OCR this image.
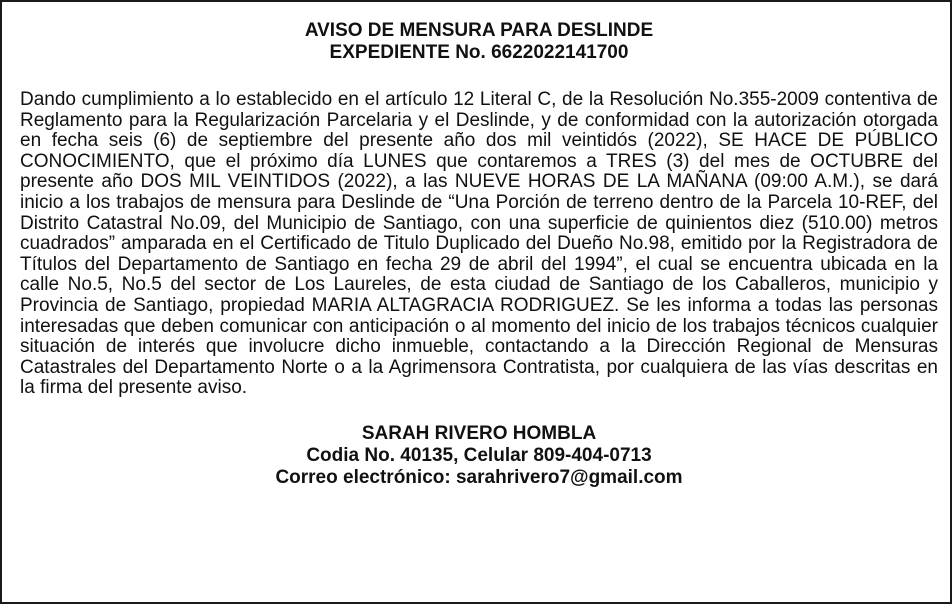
AVISO DE MENSURA PARA DESLINDE
EXPEDIENTE No. 6622022141700

Dando cumplimiento a lo establecido en el artículo 12 Literal C, de la Resolución No.355-2009 contentiva de Reglamento para la Regularización Parcelaria y el Deslinde, y de conformidad con la autorización otorgada en fecha seis (6) de septiembre del presente año dos mil veintidós (2022), SE HACE DE PÚBLICO CONOCIMIENTO, que el próximo día LUNES que contaremos a TRES (3) del mes de OCTUBRE del presente año DOS MIL VEINTIDOS (2022), a las NUEVE HORAS DE LA MAÑANA (09:00 A.M.), se dará inicio a los trabajos de mensura para Deslinde de “Una Porción de terreno dentro de la Parcela 10-REF, del Distrito Catastral No.09, del Municipio de Santiago, con una superficie de quinientos diez (510.00) metros cuadrados” amparada en el Certificado de Titulo Duplicado del Dueño No.98, emitido por la Registradora de Títulos del Departamento de Santiago en fecha 29 de abril del 1994”, el cual se encuentra ubicada en la calle No.5, No.5 del sector de Los Laureles, de esta ciudad de Santiago de los Caballeros, municipio y Provincia de Santiago, propiedad MARIA ALTAGRACIA RODRIGUEZ. Se les informa a todas las personas interesadas que deben comunicar con anticipación o al momento del inicio de los trabajos técnicos cualquier situación de interés que involucre dicho inmueble, contactando a la Dirección Regional de Mensuras Catastrales del Departamento Norte o a la Agrimensora Contratista, por cualquiera de las vías descritas en la firma del presente aviso.

SARAH RIVERO HOMBLA
Codia No. 40135, Celular 809-404-0713
Correo electrónico: sarahrivero7@gmail.com
